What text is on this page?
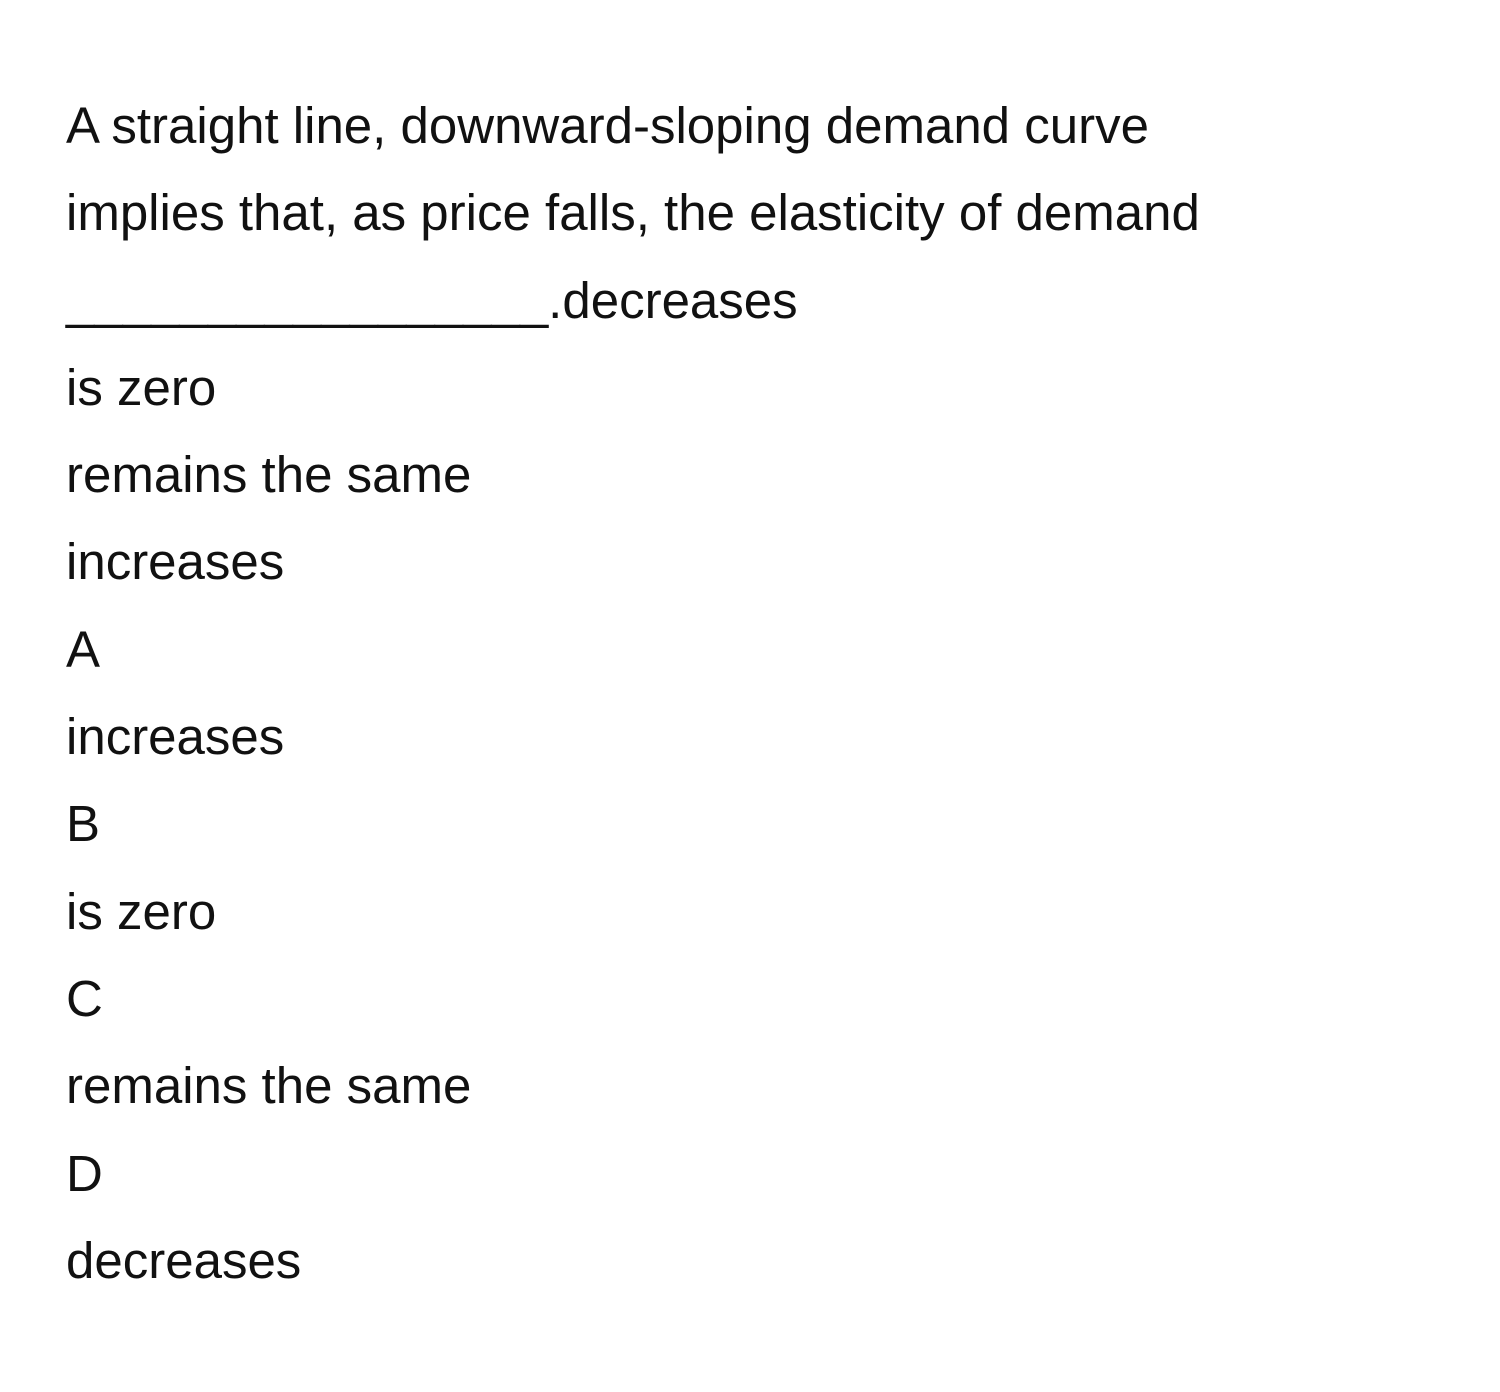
A straight line, downward-sloping demand curve

implies that, as price falls, the elasticity of demand

_________________.decreases

is zero

remains the same

increases

A

increases

B

is zero

C

remains the same

D

decreases
